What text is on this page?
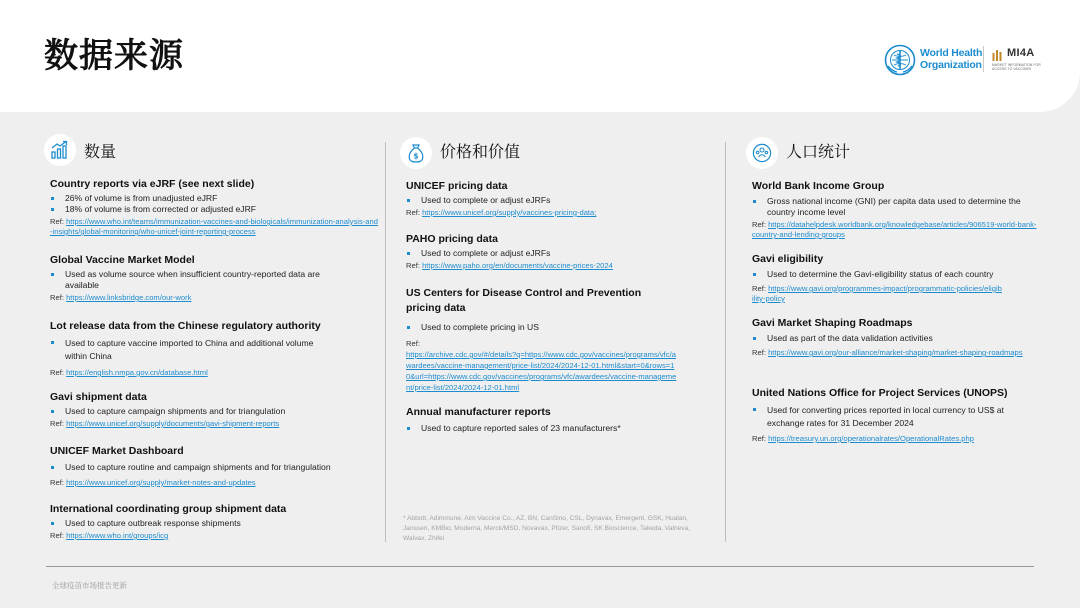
数据来源	World Health
Organization
MI4A
MARKET INFORMATION FOR ACCESS TO VACCINES
数量
Country reports via eJRF (see next slide)
26% of volume is from unadjusted eJRF
18% of volume is from corrected or adjusted eJRF
Ref: https://www.who.int/teams/immunization-vaccines-and-biologicals/immunization-analysis-and-insights/global-monitoring/who-unicef-joint-reporting-process
Global Vaccine Market Model
Used as volume source when insufficient country-reported data are available
Ref: https://www.linksbridge.com/our-work
Lot release data from the Chinese regulatory authority
Used to capture vaccine imported to China and additional volume within China
Ref: https://english.nmpa.gov.cn/database.html
Gavi shipment data
Used to capture campaign shipments and for triangulation
Ref: https://www.unicef.org/supply/documents/gavi-shipment-reports
UNICEF Market Dashboard
Used to capture routine and campaign shipments and for triangulation
Ref: https://www.unicef.org/supply/market-notes-and-updates
International coordinating group shipment data
Used to capture outbreak response shipments
Ref: https://www.who.int/groups/icg
$ 价格和价值
UNICEF pricing data
Used to complete or adjust eJRFs
Ref: https://www.unicef.org/supply/vaccines-pricing-data;
PAHO pricing data
Used to complete or adjust eJRFs
Ref: https://www.paho.org/en/documents/vaccine-prices-2024
US Centers for Disease Control and Prevention pricing data
Used to complete pricing in US
Ref:
https://archive.cdc.gov/#/details?q=https://www.cdc.gov/vaccines/programs/vfc/awardees/vaccine-management/price-list/2024/2024-12-01.html&start=0&rows=10&url=https://www.cdc.gov/vaccines/programs/vfc/awardees/vaccine-management/price-list/2024/2024-12-01.html
Annual manufacturer reports
Used to capture reported sales of 23 manufacturers*
* Abbott, Adimmune, Aim Vaccine Co., AZ, BN, CanSino, CSL, Dynavax, Emergent, GSK, Hualan, Janssen, KMBio, Moderna, Merck/MSD, Novavax, Pfizer, Sanofi, SK Bioscience, Takeda, Valneva, Walvax, Zhifei
人口统计
World Bank Income Group
Gross national income (GNI) per capita data used to determine the country income level
Ref: https://datahelpdesk.worldbank.org/knowledgebase/articles/906519-world-bank-country-and-lending-groups
Gavi eligibility
Used to determine the Gavi-eligibility status of each country
Ref: https://www.gavi.org/programmes-impact/programmatic-policies/eligibility-policy
Gavi Market Shaping Roadmaps
Used as part of the data validation activities
Ref: https://www.gavi.org/our-alliance/market-shaping/market-shaping-roadmaps
United Nations Office for Project Services (UNOPS)
Used for converting prices reported in local currency to US$ at exchange rates for 31 December 2024
Ref: https://treasury.un.org/operationalrates/OperationalRates.php
全球疫苗市场报告更新
